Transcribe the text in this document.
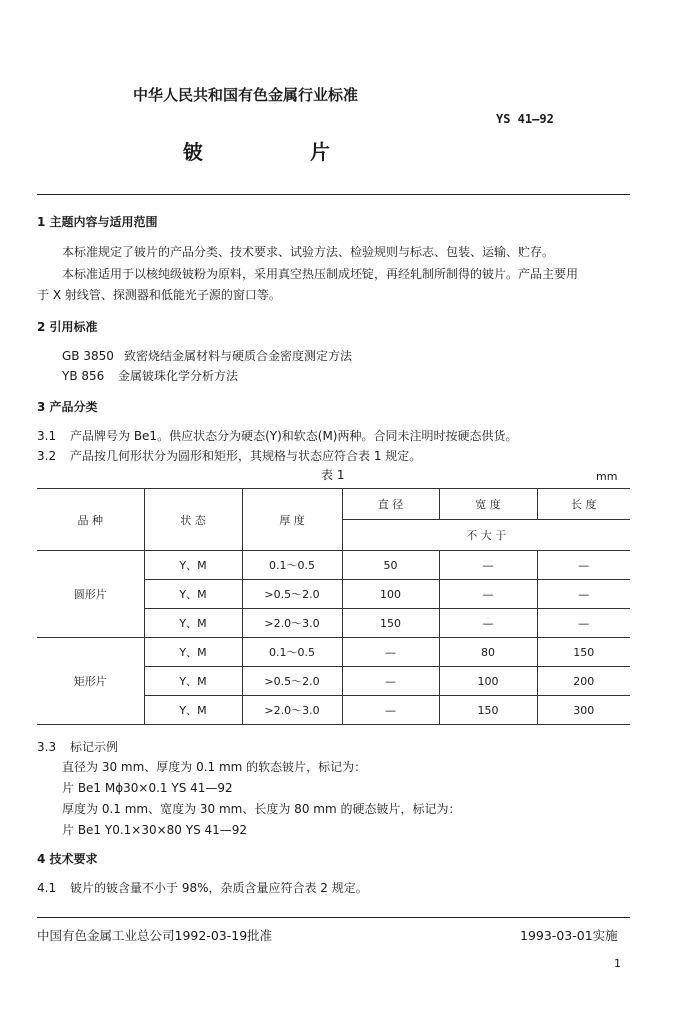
中华人民共和国有色金属行业标准
YS 41—92
铍 片
1 主题内容与适用范围
本标准规定了铍片的产品分类、技术要求、试验方法、检验规则与标志、包装、运输、贮存。
本标准适用于以核纯级铍粉为原料，采用真空热压制成坯锭，再经轧制所制得的铍片。产品主要用
于 X 射线管、探测器和低能光子源的窗口等。
2 引用标准
GB 3850 致密烧结金属材料与硬质合金密度测定方法
YB 856 金属铍珠化学分析方法
3 产品分类
3.1 产品牌号为 Be1。供应状态分为硬态(Y)和软态(M)两种。合同未注明时按硬态供货。
3.2 产品按几何形状分为圆形和矩形，其规格与状态应符合表 1 规定。
表 1	mm
品 种	状 态	厚 度	直 径	宽 度	长 度
			不 大 于		
圆形片	Y、M	0.1～0.5	50	—	—
	Y、M	>0.5～2.0	100	—	—
	Y、M	>2.0～3.0	150	—	—
矩形片	Y、M	0.1～0.5	—	80	150
	Y、M	>0.5～2.0	—	100	200
	Y、M	>2.0～3.0	—	150	300
3.3 标记示例
直径为 30 mm、厚度为 0.1 mm 的软态铍片，标记为：
片 Be1 Mϕ30×0.1 YS 41—92
厚度为 0.1 mm、宽度为 30 mm、长度为 80 mm 的硬态铍片，标记为：
片 Be1 Y0.1×30×80 YS 41—92
4 技术要求
4.1 铍片的铍含量不小于 98%，杂质含量应符合表 2 规定。
中国有色金属工业总公司1992-03-19批准	1993-03-01实施
1
